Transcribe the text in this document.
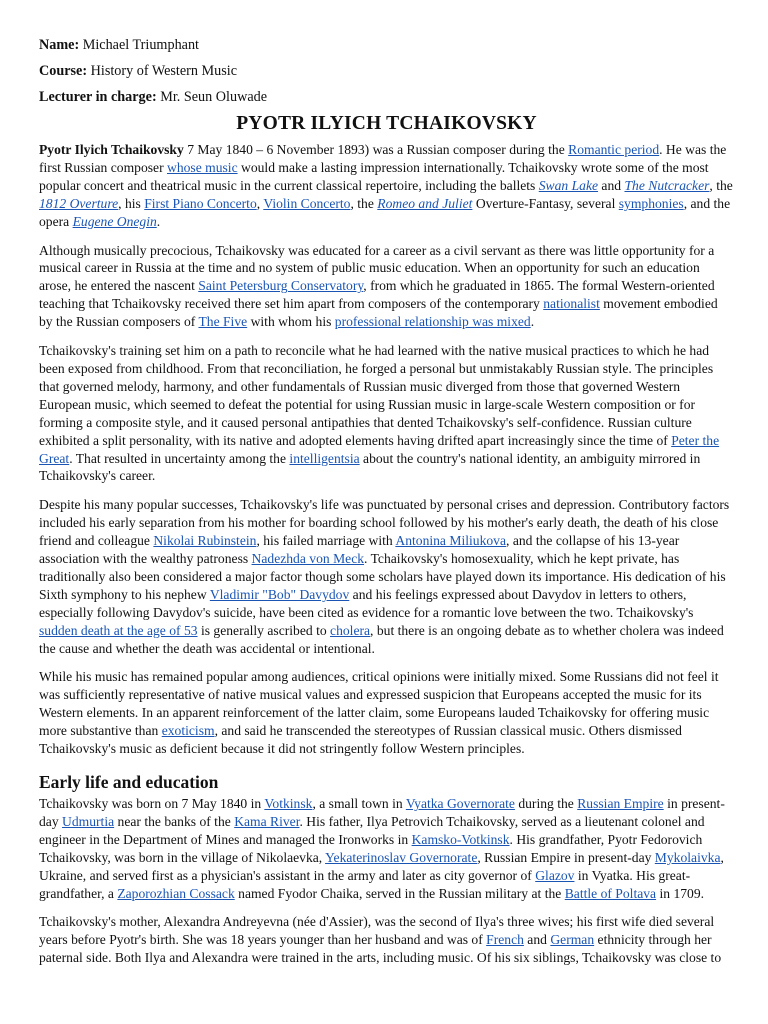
Name: Michael Triumphant
Course: History of Western Music
Lecturer in charge: Mr. Seun Oluwade
PYOTR ILYICH TCHAIKOVSKY

Pyotr Ilyich Tchaikovsky 7 May 1840 – 6 November 1893) was a Russian composer during the Romantic period. He was the first Russian composer whose music would make a lasting impression internationally. Tchaikovsky wrote some of the most popular concert and theatrical music in the current classical repertoire, including the ballets Swan Lake and The Nutcracker, the 1812 Overture, his First Piano Concerto, Violin Concerto, the Romeo and Juliet Overture-Fantasy, several symphonies, and the opera Eugene Onegin.

Although musically precocious, Tchaikovsky was educated for a career as a civil servant as there was little opportunity for a musical career in Russia at the time and no system of public music education. When an opportunity for such an education arose, he entered the nascent Saint Petersburg Conservatory, from which he graduated in 1865. The formal Western-oriented teaching that Tchaikovsky received there set him apart from composers of the contemporary nationalist movement embodied by the Russian composers of The Five with whom his professional relationship was mixed.

Tchaikovsky's training set him on a path to reconcile what he had learned with the native musical practices to which he had been exposed from childhood. From that reconciliation, he forged a personal but unmistakably Russian style. The principles that governed melody, harmony, and other fundamentals of Russian music diverged from those that governed Western European music, which seemed to defeat the potential for using Russian music in large-scale Western composition or for forming a composite style, and it caused personal antipathies that dented Tchaikovsky's self-confidence. Russian culture exhibited a split personality, with its native and adopted elements having drifted apart increasingly since the time of Peter the Great. That resulted in uncertainty among the intelligentsia about the country's national identity, an ambiguity mirrored in Tchaikovsky's career.

Despite his many popular successes, Tchaikovsky's life was punctuated by personal crises and depression. Contributory factors included his early separation from his mother for boarding school followed by his mother's early death, the death of his close friend and colleague Nikolai Rubinstein, his failed marriage with Antonina Miliukova, and the collapse of his 13-year association with the wealthy patroness Nadezhda von Meck. Tchaikovsky's homosexuality, which he kept private, has traditionally also been considered a major factor though some scholars have played down its importance. His dedication of his Sixth symphony to his nephew Vladimir "Bob" Davydov and his feelings expressed about Davydov in letters to others, especially following Davydov's suicide, have been cited as evidence for a romantic love between the two. Tchaikovsky's sudden death at the age of 53 is generally ascribed to cholera, but there is an ongoing debate as to whether cholera was indeed the cause and whether the death was accidental or intentional.

While his music has remained popular among audiences, critical opinions were initially mixed. Some Russians did not feel it was sufficiently representative of native musical values and expressed suspicion that Europeans accepted the music for its Western elements. In an apparent reinforcement of the latter claim, some Europeans lauded Tchaikovsky for offering music more substantive than exoticism, and said he transcended the stereotypes of Russian classical music. Others dismissed Tchaikovsky's music as deficient because it did not stringently follow Western principles.

Early life and education

Tchaikovsky was born on 7 May 1840 in Votkinsk, a small town in Vyatka Governorate during the Russian Empire in present-day Udmurtia near the banks of the Kama River. His father, Ilya Petrovich Tchaikovsky, served as a lieutenant colonel and engineer in the Department of Mines and managed the Ironworks in Kamsko-Votkinsk. His grandfather, Pyotr Fedorovich Tchaikovsky, was born in the village of Nikolaevka, Yekaterinoslav Governorate, Russian Empire in present-day Mykolaivka, Ukraine, and served first as a physician's assistant in the army and later as city governor of Glazov in Vyatka. His great-grandfather, a Zaporozhian Cossack named Fyodor Chaika, served in the Russian military at the Battle of Poltava in 1709.

Tchaikovsky's mother, Alexandra Andreyevna (née d'Assier), was the second of Ilya's three wives; his first wife died several years before Pyotr's birth. She was 18 years younger than her husband and was of French and German ethnicity through her paternal side. Both Ilya and Alexandra were trained in the arts, including music. Of his six siblings, Tchaikovsky was close to
